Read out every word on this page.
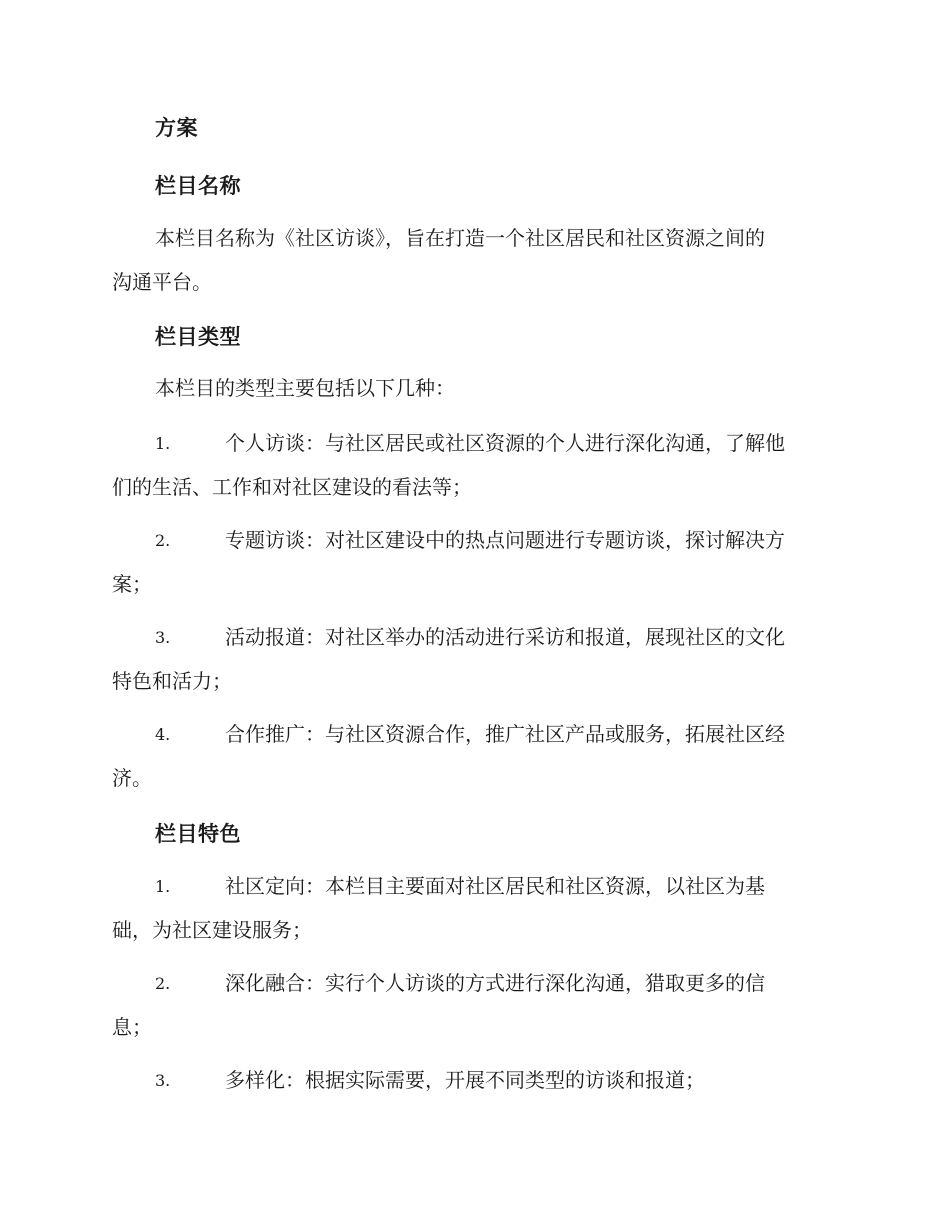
方案
栏目名称
本栏目名称为《社区访谈》，旨在打造一个社区居民和社区资源之间的
沟通平台。
栏目类型
本栏目的类型主要包括以下几种：
1.	个人访谈：与社区居民或社区资源的个人进行深化沟通，了解他
们的生活、工作和对社区建设的看法等；
2.	专题访谈：对社区建设中的热点问题进行专题访谈，探讨解决方
案；
3.	活动报道：对社区举办的活动进行采访和报道，展现社区的文化
特色和活力；
4.	合作推广：与社区资源合作，推广社区产品或服务，拓展社区经
济。
栏目特色
1.	社区定向：本栏目主要面对社区居民和社区资源，以社区为基
础，为社区建设服务；
2.	深化融合：实行个人访谈的方式进行深化沟通，猎取更多的信
息；
3.	多样化：根据实际需要，开展不同类型的访谈和报道；
